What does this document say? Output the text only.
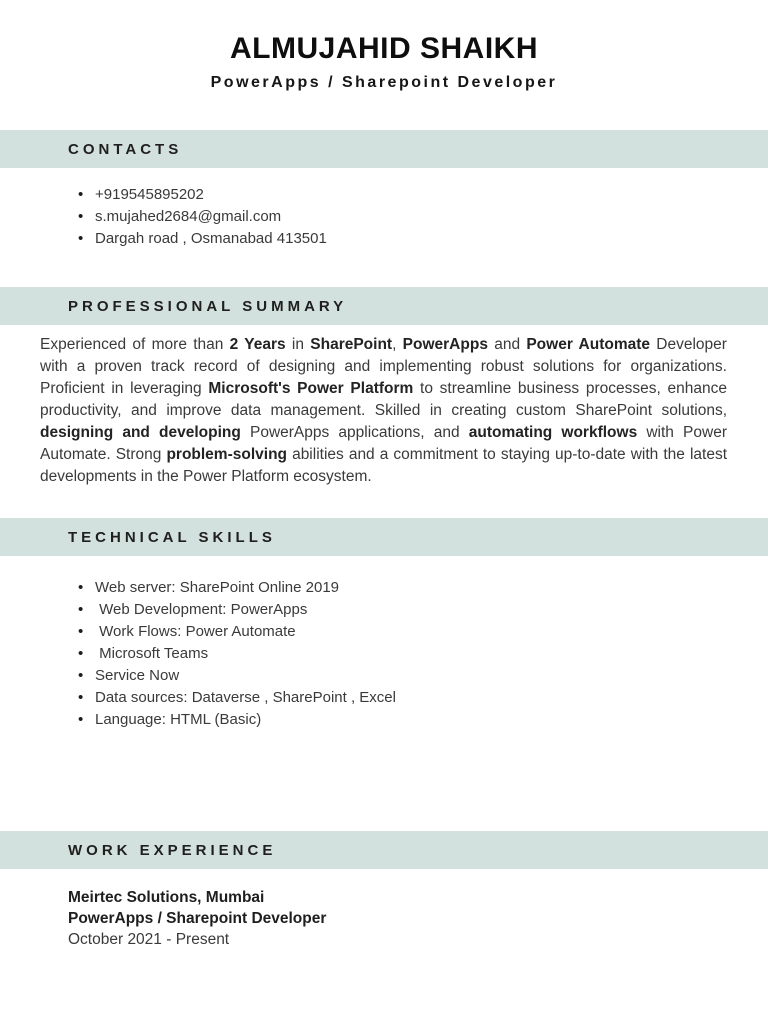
ALMUJAHID SHAIKH
PowerApps / Sharepoint Developer
CONTACTS
• +919545895202
• s.mujahed2684@gmail.com
• Dargah road , Osmanabad 413501
PROFESSIONAL SUMMARY

Experienced of more than 2 Years in SharePoint, PowerApps and Power Automate Developer with a proven track record of designing and implementing robust solutions for organizations. Proficient in leveraging Microsoft's Power Platform to streamline business processes, enhance productivity, and improve data management. Skilled in creating custom SharePoint solutions, designing and developing PowerApps applications, and automating workflows with Power Automate. Strong problem-solving abilities and a commitment to staying up-to-date with the latest developments in the Power Platform ecosystem.

TECHNICAL SKILLS
• Web server: SharePoint Online 2019
•  Web Development: PowerApps
•  Work Flows: Power Automate
•  Microsoft Teams
• Service Now
• Data sources: Dataverse , SharePoint , Excel
• Language: HTML (Basic)
WORK EXPERIENCE
Meirtec Solutions, Mumbai
PowerApps / Sharepoint Developer
October 2021 - Present
